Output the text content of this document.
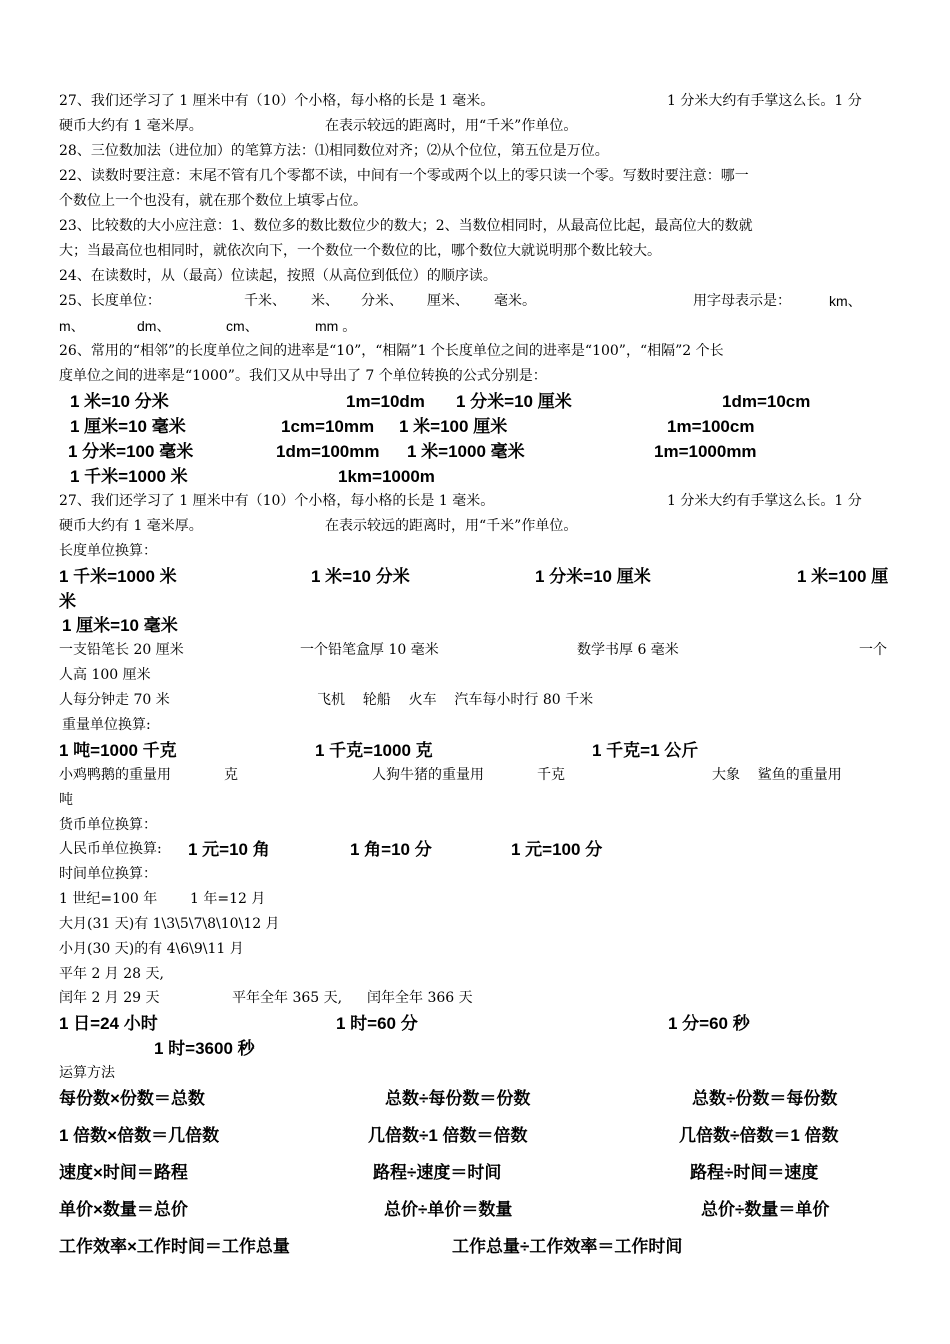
27、我们还学习了 1 厘米中有（10）个小格，每小格的长是 1 毫米。	1 分米大约有手掌这么长。1 分
硬币大约有 1 毫米厚。	在表示较远的距离时，用“千米”作单位。
28、三位数加法（进位加）的笔算方法：⑴相同数位对齐；⑵从个位位，第五位是万位。
22、读数时要注意：末尾不管有几个零都不读，中间有一个零或两个以上的零只读一个零。写数时要注意：哪一
个数位上一个也没有，就在那个数位上填零占位。
23、比较数的大小应注意：1、数位多的数比数位少的数大；2、当数位相同时，从最高位比起，最高位大的数就
大；当最高位也相同时，就依次向下，一个数位一个数位的比，哪个数位大就说明那个数比较大。
24、在读数时，从（最高）位读起，按照（从高位到低位）的顺序读。
25、长度单位：	千米、 米、 分米、 厘米、 毫米。	用字母表示是：	km、
m、	dm、	cm、	mm 。
26、常用的“相邻”的长度单位之间的进率是“10”，“相隔”1 个长度单位之间的进率是“100”，“相隔”2 个长
度单位之间的进率是“1000”。我们又从中导出了 7 个单位转换的公式分别是：
1 米=10 分米	1m=10dm 1 分米=10 厘米	1dm=10cm
1 厘米=10 毫米	1cm=10mm 1 米=100 厘米	1m=100cm
1 分米=100 毫米	1dm=100mm 1 米=1000 毫米	1m=1000mm
1 千米=1000 米	1km=1000m
27、我们还学习了 1 厘米中有（10）个小格，每小格的长是 1 毫米。	1 分米大约有手掌这么长。1 分
硬币大约有 1 毫米厚。	在表示较远的距离时，用“千米”作单位。
长度单位换算：
1 千米=1000 米	1 米=10 分米	1 分米=10 厘米	1 米=100 厘
米
1 厘米=10 毫米
一支铅笔长 20 厘米	一个铅笔盒厚 10 毫米	数学书厚 6 毫米	一个
人高 100 厘米
人每分钟走 70 米	飞机    轮船    火车    汽车每小时行 80 千米
重量单位换算:
1 吨=1000 千克	1 千克=1000 克	1 千克=1 公斤
小鸡鸭鹅的重量用	克	人狗牛猪的重量用	千克	大象    鲨鱼的重量用
吨
货币单位换算：
人民币单位换算: 1 元=10 角	1 角=10 分	1 元=100 分
时间单位换算：
1 世纪=100 年 1 年=12 月
大月(31 天)有 1\3\5\7\8\10\12 月
小月(30 天)的有 4\6\9\11 月
平年 2 月 28 天,
闰年 2 月 29 天	平年全年 365 天, 闰年全年 366 天
1 日=24 小时	1 时=60 分	1 分=60 秒
1 时=3600 秒
运算方法
每份数×份数＝总数	总数÷每份数＝份数	总数÷份数＝每份数
1 倍数×倍数＝几倍数	几倍数÷1 倍数＝倍数	几倍数÷倍数＝1 倍数
速度×时间＝路程	路程÷速度＝时间	路程÷时间＝速度
单价×数量＝总价	总价÷单价＝数量	总价÷数量＝单价
工作效率×工作时间＝工作总量	工作总量÷工作效率＝工作时间
